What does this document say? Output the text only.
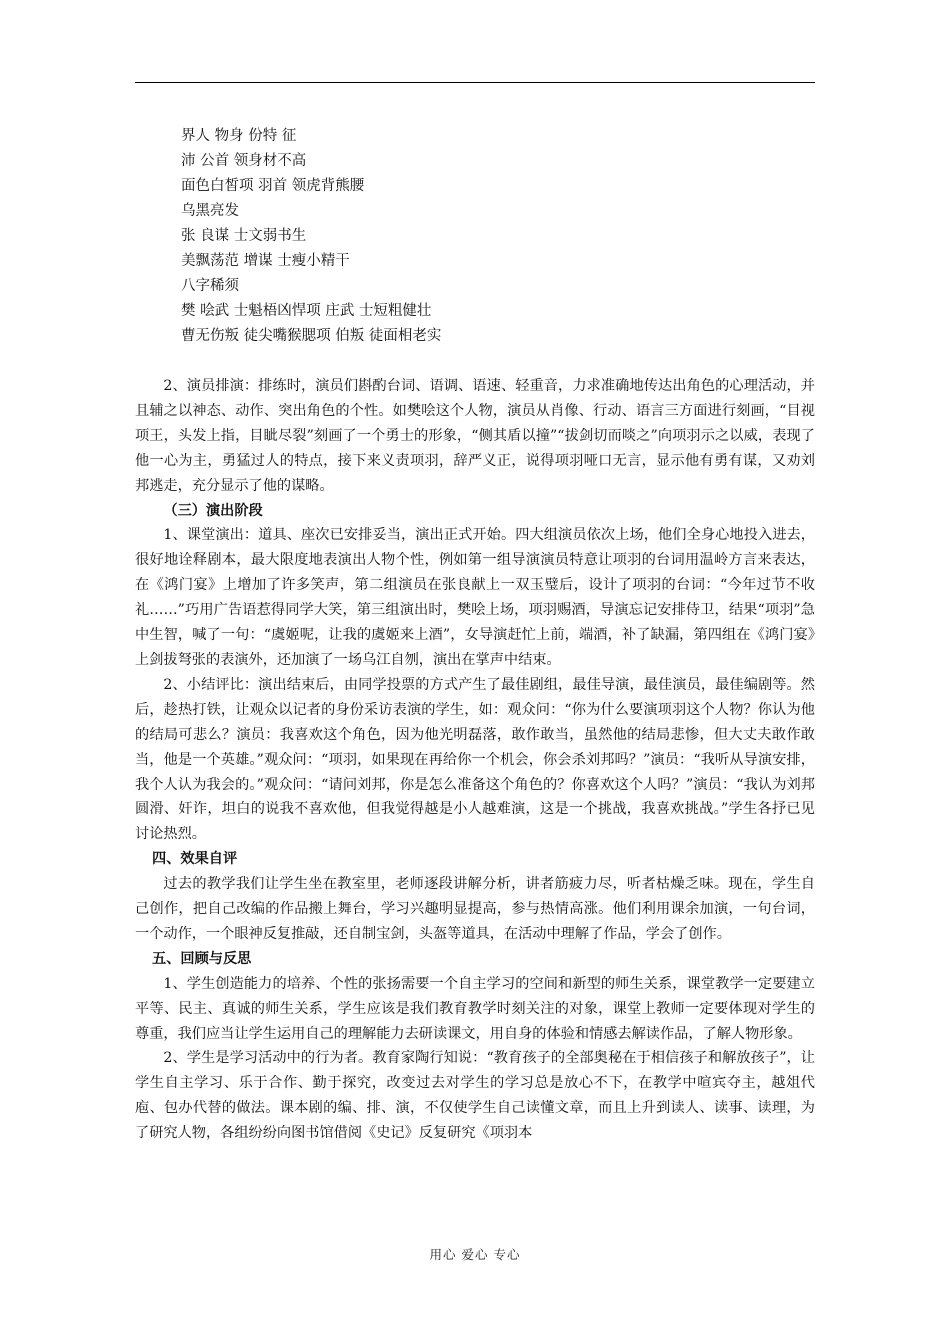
界人 物身 份特 征
沛 公首 领身材不高
面色白皙项 羽首 领虎背熊腰
乌黑亮发
张 良谋 士文弱书生
美飘荡范 增谋 士瘦小精干
八字稀须
樊 哙武 士魁梧凶悍项 庄武 士短粗健壮
曹无伤叛 徒尖嘴猴腮项 伯叛 徒面相老实

2、演员排演：排练时，演员们斟酌台词、语调、语速、轻重音，力求准确地传达出角色的心理活动，并且辅之以神态、动作、突出角色的个性。如樊哙这个人物，演员从肖像、行动、语言三方面进行刻画，“目视项王，头发上指，目眦尽裂”刻画了一个勇士的形象，“侧其盾以撞”“拔剑切而啖之”向项羽示之以威，表现了他一心为主，勇猛过人的特点，接下来义责项羽，辞严义正，说得项羽哑口无言，显示他有勇有谋，又劝刘邦逃走，充分显示了他的谋略。

（三）演出阶段

1、课堂演出：道具、座次已安排妥当，演出正式开始。四大组演员依次上场，他们全身心地投入进去，很好地诠释剧本，最大限度地表演出人物个性，例如第一组导演演员特意让项羽的台词用温岭方言来表达，在《鸿门宴》上增加了许多笑声，第二组演员在张良献上一双玉璧后，设计了项羽的台词：“今年过节不收礼……”巧用广告语惹得同学大笑，第三组演出时，樊哙上场，项羽赐酒，导演忘记安排侍卫，结果“项羽”急中生智，喊了一句：“虞姬呢，让我的虞姬来上酒”，女导演赶忙上前，端酒，补了缺漏，第四组在《鸿门宴》上剑拔弩张的表演外，还加演了一场乌江自刎，演出在掌声中结束。

2、小结评比：演出结束后，由同学投票的方式产生了最佳剧组，最佳导演，最佳演员，最佳编剧等。然后，趁热打铁，让观众以记者的身份采访表演的学生，如：观众问：“你为什么要演项羽这个人物？你认为他的结局可悲么？演员：我喜欢这个角色，因为他光明磊落，敢作敢当，虽然他的结局悲惨，但大丈夫敢作敢当，他是一个英雄。”观众问：“项羽，如果现在再给你一个机会，你会杀刘邦吗？”演员：“我听从导演安排，我个人认为我会的。”观众问：“请问刘邦，你是怎么准备这个角色的？你喜欢这个人吗？”演员：“我认为刘邦圆滑、奸诈，坦白的说我不喜欢他，但我觉得越是小人越难演，这是一个挑战，我喜欢挑战。”学生各抒已见讨论热烈。

四、效果自评

过去的教学我们让学生坐在教室里，老师逐段讲解分析，讲者筋疲力尽，听者枯燥乏味。现在，学生自己创作，把自己改编的作品搬上舞台，学习兴趣明显提高，参与热情高涨。他们利用课余加演，一句台词，一个动作，一个眼神反复推敲，还自制宝剑，头盔等道具，在活动中理解了作品，学会了创作。

五、回顾与反思

1、学生创造能力的培养、个性的张扬需要一个自主学习的空间和新型的师生关系，课堂教学一定要建立平等、民主、真诚的师生关系，学生应该是我们教育教学时刻关注的对象，课堂上教师一定要体现对学生的尊重，我们应当让学生运用自己的理解能力去研读课文，用自身的体验和情感去解读作品，了解人物形象。

2、学生是学习活动中的行为者。教育家陶行知说：“教育孩子的全部奥秘在于相信孩子和解放孩子”，让学生自主学习、乐于合作、勤于探究，改变过去对学生的学习总是放心不下，在教学中喧宾夺主，越俎代庖、包办代替的做法。课本剧的编、排、演，不仅使学生自己读懂文章，而且上升到读人、读事、读理，为了研究人物，各组纷纷向图书馆借阅《史记》反复研究《项羽本

用心 爱心 专心
